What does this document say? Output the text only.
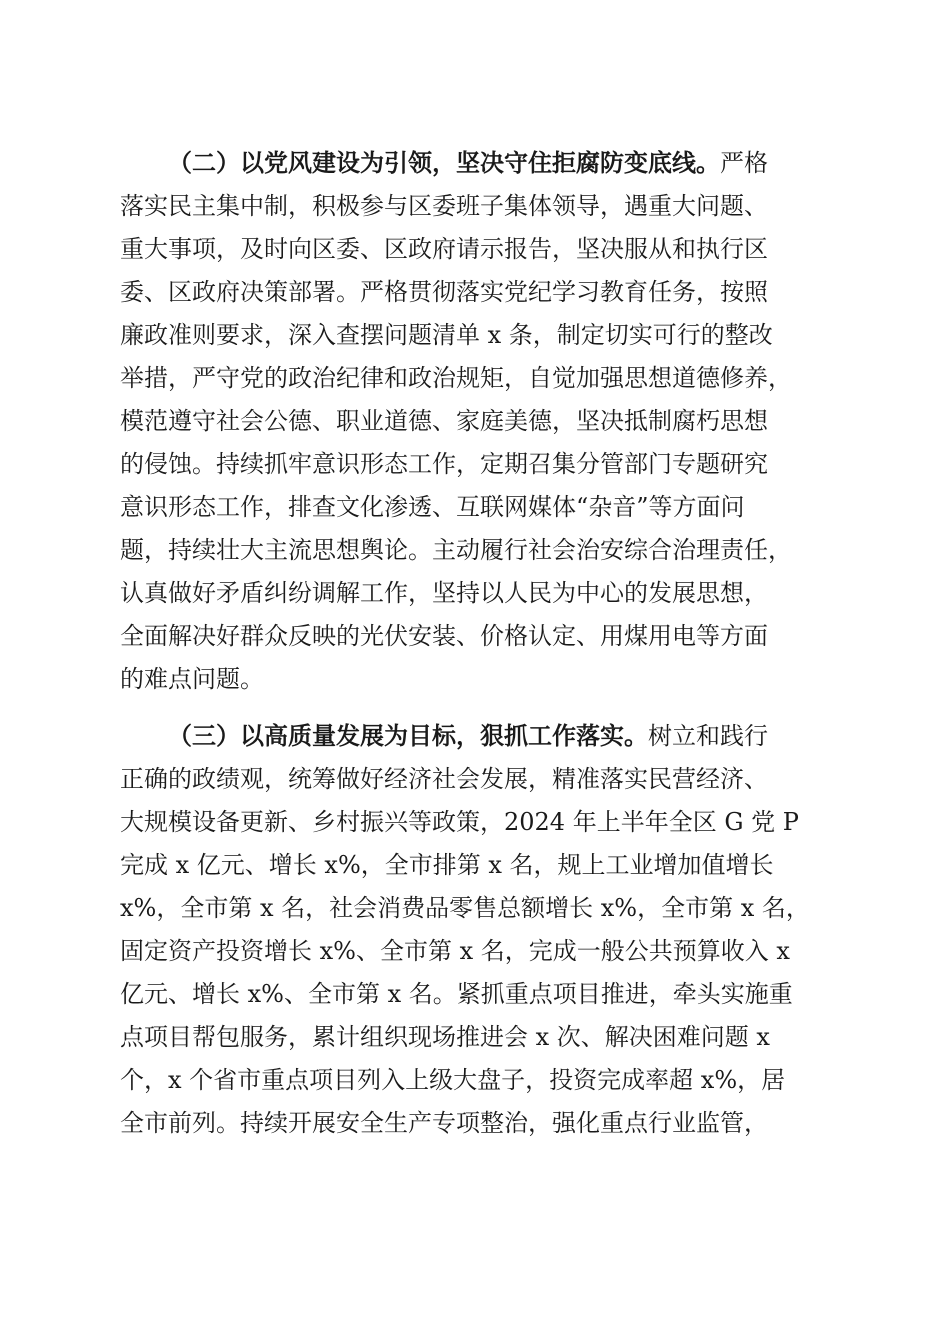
（二）以党风建设为引领，坚决守住拒腐防变底线。严格
落实民主集中制，积极参与区委班子集体领导，遇重大问题、
重大事项，及时向区委、区政府请示报告，坚决服从和执行区
委、区政府决策部署。严格贯彻落实党纪学习教育任务，按照
廉政准则要求，深入查摆问题清单 x 条，制定切实可行的整改
举措，严守党的政治纪律和政治规矩，自觉加强思想道德修养，
模范遵守社会公德、职业道德、家庭美德，坚决抵制腐朽思想
的侵蚀。持续抓牢意识形态工作，定期召集分管部门专题研究
意识形态工作，排查文化渗透、互联网媒体“杂音”等方面问
题，持续壮大主流思想舆论。主动履行社会治安综合治理责任，
认真做好矛盾纠纷调解工作，坚持以人民为中心的发展思想，
全面解决好群众反映的光伏安装、价格认定、用煤用电等方面
的难点问题。
（三）以高质量发展为目标，狠抓工作落实。树立和践行
正确的政绩观，统筹做好经济社会发展，精准落实民营经济、
大规模设备更新、乡村振兴等政策，2024 年上半年全区 G 党 P
完成 x 亿元、增长 x%，全市排第 x 名，规上工业增加值增长
x%，全市第 x 名，社会消费品零售总额增长 x%，全市第 x 名，
固定资产投资增长 x%、全市第 x 名，完成一般公共预算收入 x
亿元、增长 x%、全市第 x 名。紧抓重点项目推进，牵头实施重
点项目帮包服务，累计组织现场推进会 x 次、解决困难问题 x
个，x 个省市重点项目列入上级大盘子，投资完成率超 x%，居
全市前列。持续开展安全生产专项整治，强化重点行业监管，
